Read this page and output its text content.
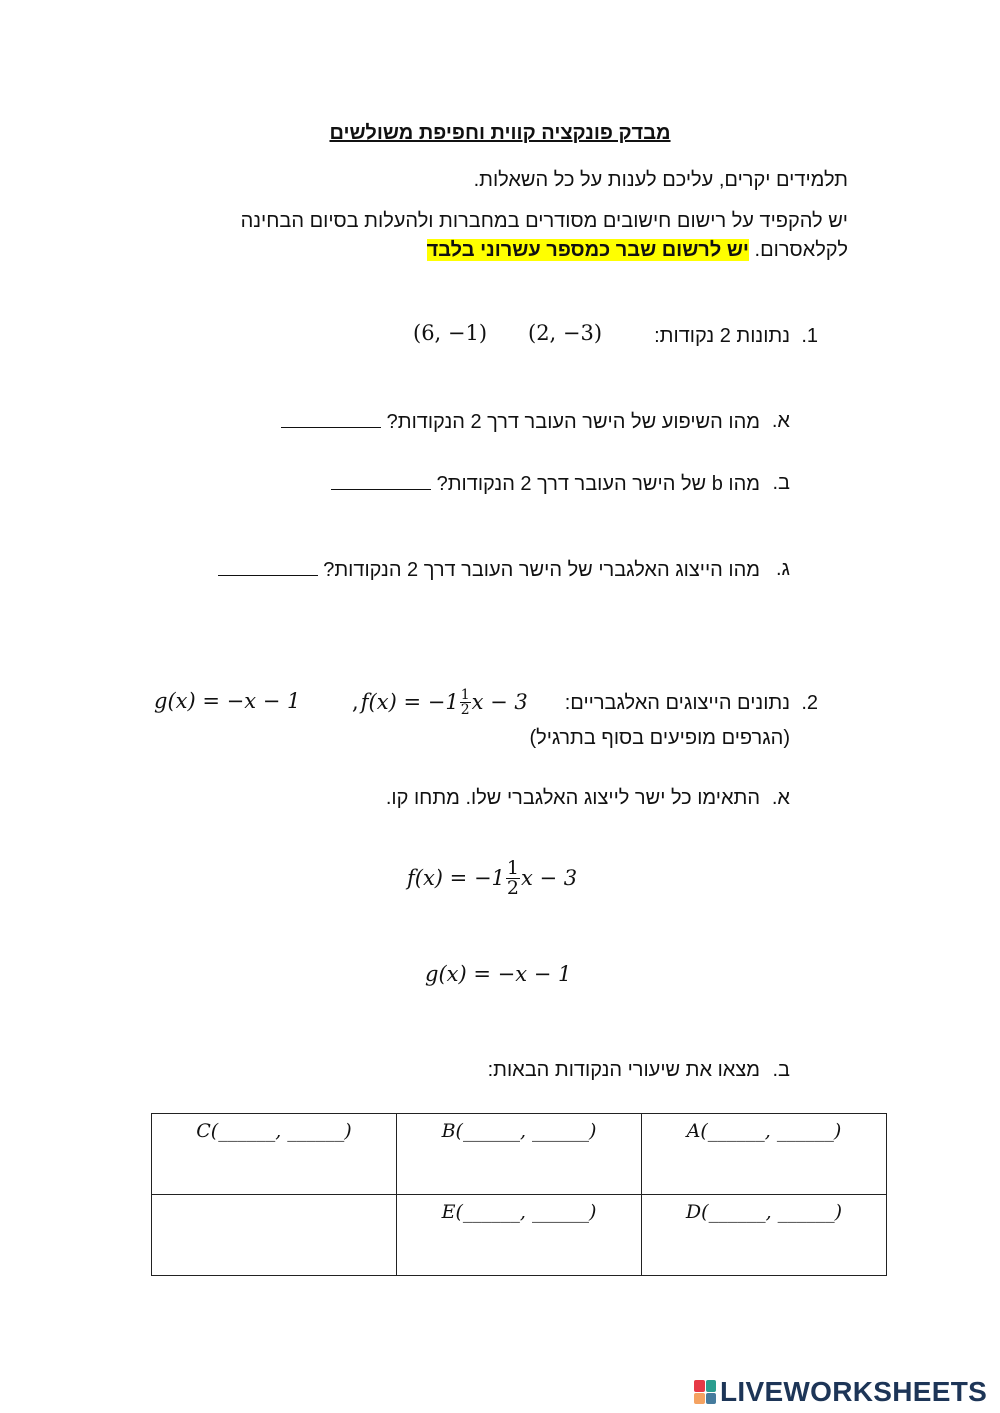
מבדק פונקציה קווית וחפיפת משולשים
תלמידים יקרים, עליכם לענות על כל השאלות.
יש להקפיד על רישום חישובים מסודרים במחברות ולהעלות בסיום הבחינה
לקלאסרום. יש לרשום שבר כמספר עשרוני בלבד
1.
נתונות 2 נקודות:
(2, −3)
(6, −1)
א.
מהו השיפוע של הישר העובר דרך 2 הנקודות?
ב.
מהו b של הישר העובר דרך 2 הנקודות?
ג.
מהו הייצוג האלגברי של הישר העובר דרך 2 הנקודות?
2.
נתונים הייצוגים האלגבריים:
,
  $f(x) = -1 \frac{1}{2}$ x − 3
g(x) = −x − 1
(הגרפים מופיעים בסוף בתרגיל)
א.
התאימו כל ישר לייצוג האלגברי שלו. מתחו קו.
$f(x) = -1 \frac{1}{2}$ x − 3
g(x) = −x − 1
ב.
מצאו את שיעורי הנקודות הבאות:
C(______, ______)	B(______, ______)	A(______, ______)
	E(______, ______)	D(______, ______)
LIVEWORKSHEETS
